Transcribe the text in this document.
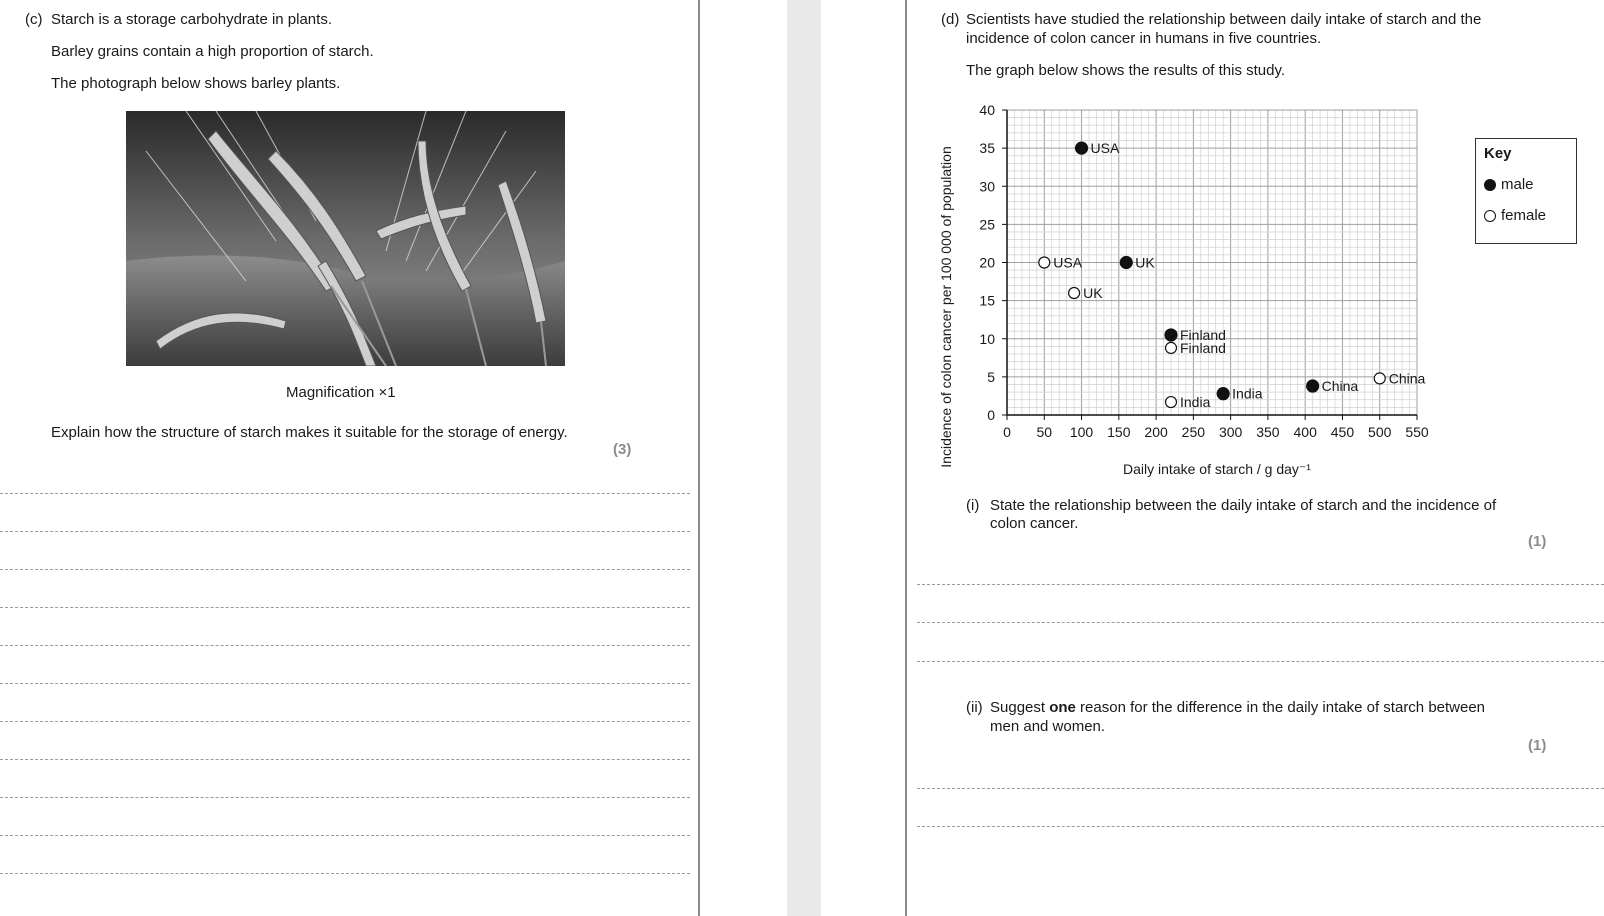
(c) Starch is a storage carbohydrate in plants.
Barley grains contain a high proportion of starch.
The photograph below shows barley plants.
Magnification ×1
Explain how the structure of starch makes it suitable for the storage of energy.
(3)
(d) Scientists have studied the relationship between daily intake of starch and the
incidence of colon cancer in humans in five countries.
The graph below shows the results of this study.
0 50 100 150 200 250 300 350 400 450 500 550
0
5
10
15
20
25
30
35
40
USA
UK
Finland
India	China
USA
UK
Finland
India
China
Incidence of colon cancer per 100 000 of population
Daily intake of starch / g day⁻¹
Key
male
female
(i) State the relationship between the daily intake of starch and the incidence of
colon cancer.
(1)
(ii) Suggest one reason for the difference in the daily intake of starch between
men and women.
(1)
